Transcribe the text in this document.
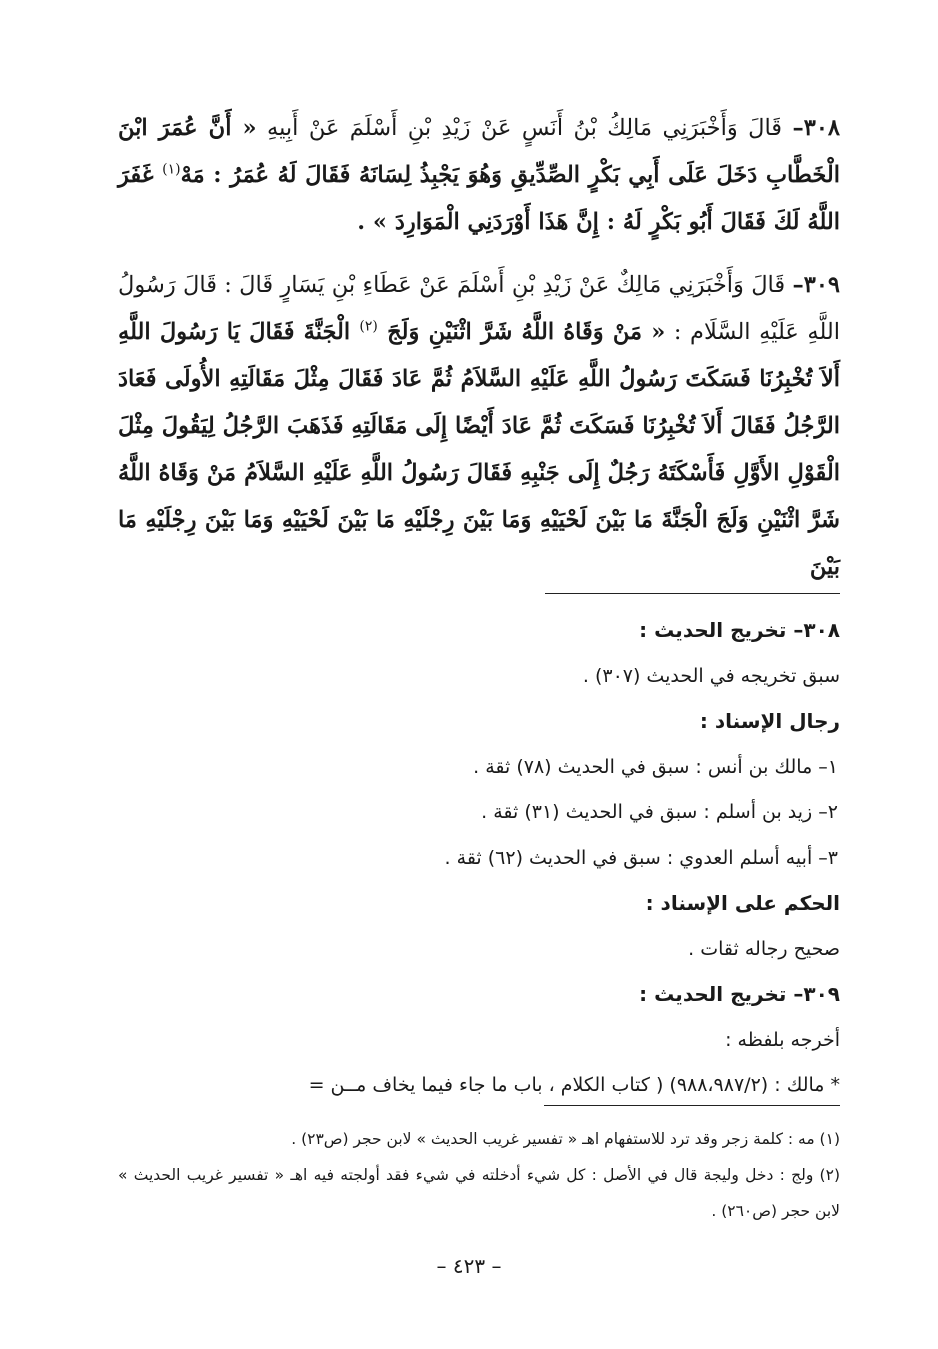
٣٠٨– قَالَ وَأَخْبَرَنِي مَالِكُ بْنُ أَنَسٍ عَنْ زَيْدِ بْنِ أَسْلَمَ عَنْ أَبِيهِ « أَنَّ عُمَرَ ابْنَ الْخَطَّابِ دَخَلَ عَلَى أَبِي بَكْرٍ الصِّدِّيقِ وَهُوَ يَجْبِذُ لِسَانَهُ فَقَالَ لَهُ عُمَرُ : مَهْ$^{(١)}$ غَفَرَ اللَّهُ لَكَ فَقَالَ أَبُو بَكْرٍ لَهُ : إِنَّ هَذَا أَوْرَدَنِي الْمَوَارِدَ » .

٣٠٩– قَالَ وَأَخْبَرَنِي مَالِكٌ عَنْ زَيْدِ بْنِ أَسْلَمَ عَنْ عَطَاءِ بْنِ يَسَارٍ قَالَ : قَالَ رَسُولُ اللَّهِ عَلَيْهِ السَّلَام : « مَنْ وَقَاهُ اللَّهُ شَرَّ اثْنَيْنِ وَلَجَ $^{(٢)}$ الْجَنَّةَ فَقَالَ يَا رَسُولَ اللَّهِ أَلاَ تُخْبِرُنَا فَسَكَتَ رَسُولُ اللَّهِ عَلَيْهِ السَّلاَمُ ثُمَّ عَادَ فَقَالَ مِثْلَ مَقَالَتِهِ الأُولَى فَعَادَ الرَّجُلُ فَقَالَ أَلاَ تُخْبِرُنَا فَسَكَتَ ثُمَّ عَادَ أَيْضًا إِلَى مَقَالَتِهِ فَذَهَبَ الرَّجُلُ لِيَقُولَ مِثْلَ الْقَوْلِ الأَوَّلِ فَأَسْكَتَهُ رَجُلٌ إِلَى جَنْبِهِ فَقَالَ رَسُولُ اللَّهِ عَلَيْهِ السَّلاَمُ مَنْ وَقَاهُ اللَّهُ شَرَّ اثْنَيْنِ وَلَجَ الْجَنَّةَ مَا بَيْنَ لَحْيَيْهِ وَمَا بَيْنَ رِجْلَيْهِ مَا بَيْنَ لَحْيَيْهِ وَمَا بَيْنَ رِجْلَيْهِ مَا بَيْنَ

٣٠٨– تخريج الحديث :
سبق تخريجه في الحديث (٣٠٧) .
رجال الإسناد :
١– مالك بن أنس : سبق في الحديث (٧٨) ثقة .
٢– زيد بن أسلم : سبق في الحديث (٣١) ثقة .
٣– أبيه أسلم العدوي : سبق في الحديث (٦٢) ثقة .
الحكم على الإسناد :
صحيح رجاله ثقات .
٣٠٩– تخريج الحديث :
أخرجه بلفظه :
* مالك : (٩٨٨،٩٨٧/٢) ( كتاب الكلام ، باب ما جاء فيما يخاف مــن =

(١) مه : كلمة زجر وقد ترد للاستفهام اهـ « تفسير غريب الحديث » لابن حجر (ص٢٣) .

(٢) ولج : دخل وليجة قال في الأصل : كل شيء أدخلته في شيء فقد أولجته فيه اهـ « تفسير غريب الحديث » لابن حجر (ص٢٦٠) .

– ٤٢٣ –
